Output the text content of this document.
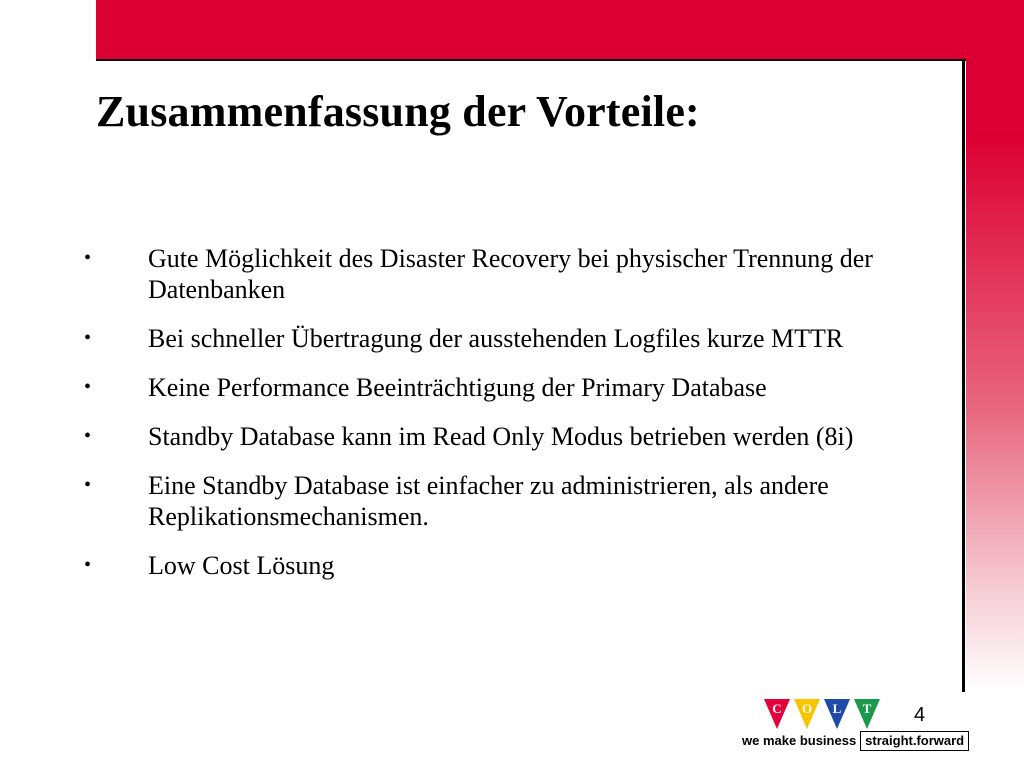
Zusammenfassung der Vorteile:
•	Gute Möglichkeit des Disaster Recovery bei physischer Trennung der Datenbanken
•	Bei schneller Übertragung der ausstehenden Logfiles kurze MTTR
•	Keine Performance Beeinträchtigung der Primary Database
•	Standby Database kann im Read Only Modus betrieben werden (8i)
•	Eine Standby Database ist einfacher zu administrieren, als andere Replikationsmechanismen.
•	Low Cost Lösung
4
C O L T
we make business straight.forward
